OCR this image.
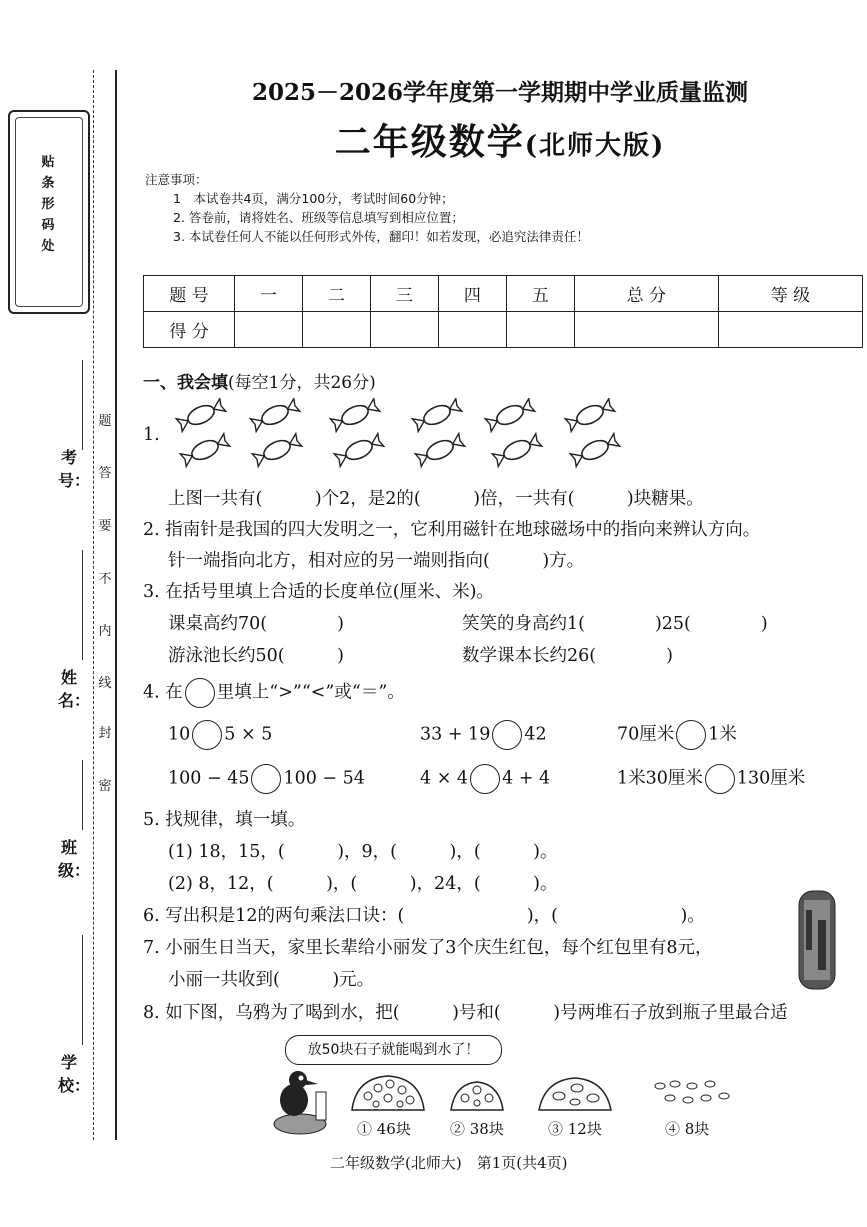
贴条形码处
考号：
姓名：
班级：
学校：
题
答
要
不
内
线
封
密
2025－2026学年度第一学期期中学业质量监测
二年级数学(北师大版)
注意事项：
1　本试卷共4页，满分100分，考试时间60分钟；
2. 答卷前，请将姓名、班级等信息填写到相应位置；
3. 本试卷任何人不能以任何形式外传，翻印！如若发现，必追究法律责任！
题 号	一	二	三	四	五	总 分	等 级
得 分							
一、我会填(每空1分，共26分)
1.
上图一共有(　　　)个2，是2的(　　　)倍，一共有(　　　)块糖果。
2. 指南针是我国的四大发明之一，它利用磁针在地球磁场中的指向来辨认方向。
针一端指向北方，相对应的另一端则指向(　　　)方。
3. 在括号里填上合适的长度单位(厘米、米)。
课桌高约70(　　　　)	笑笑的身高约1(　　　　)25(　　　　)
游泳池长约50(　　　)	数学课本长约26(　　　　)
4. 在 里填上“>”“<”或“＝”。
10 5 × 5	33 + 19 42	70厘米 1米
100 − 45 100 − 54	4 × 4 4 + 4	1米30厘米 130厘米
5. 找规律，填一填。
(1) 18，15，(　　　)，9，(　　　)，(　　　)。
(2) 8，12，(　　　)，(　　　)，24，(　　　)。
6. 写出积是12的两句乘法口诀：(　　　　　　　)，(　　　　　　　)。
7. 小丽生日当天，家里长辈给小丽发了3个庆生红包，每个红包里有8元，
小丽一共收到(　　　)元。
8. 如下图，乌鸦为了喝到水，把(　　　)号和(　　　)号两堆石子放到瓶子里最合适
放50块石子就能喝到水了！
① 46块	② 38块	③ 12块	④ 8块
二年级数学(北师大)　第1页(共4页)
